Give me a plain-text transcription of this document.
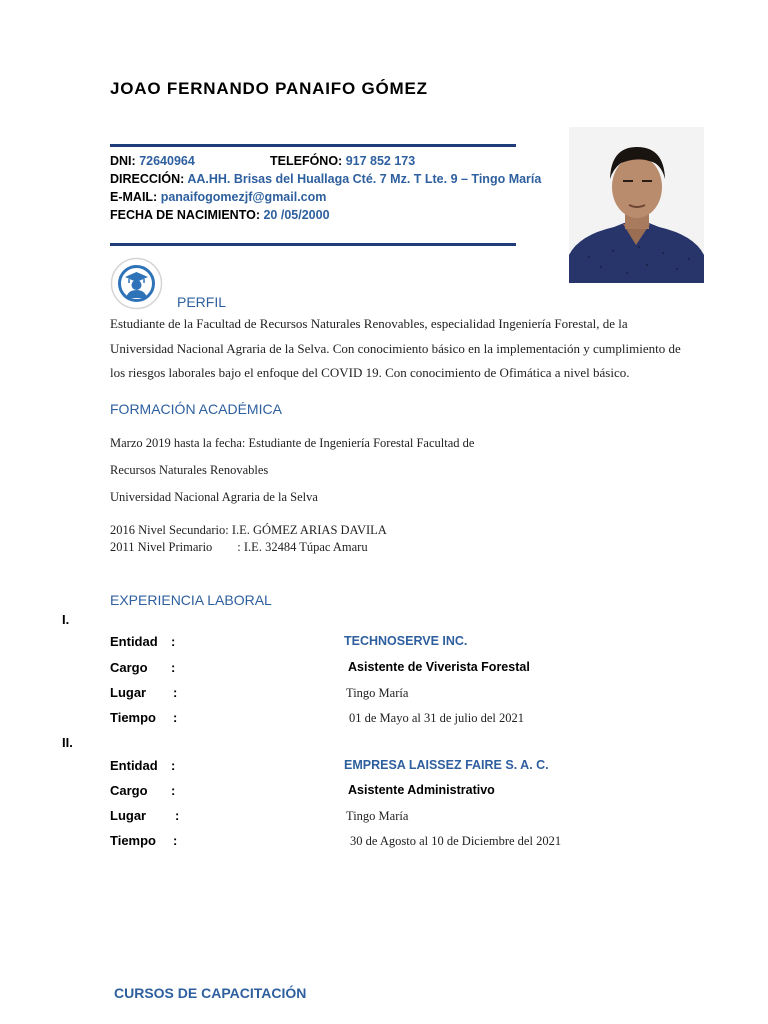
JOAO FERNANDO PANAIFO GÓMEZ
DNI: 72640964	TELEFÓNO: 917 852 173
DIRECCIÓN: AA.HH. Brisas del Huallaga Cté. 7 Mz. T Lte. 9 – Tingo María
E-MAIL: panaifogomezjf@gmail.com
FECHA DE NACIMIENTO: 20 /05/2000
PERFIL
Estudiante de la Facultad de Recursos Naturales Renovables, especialidad Ingeniería Forestal, de la Universidad Nacional Agraria de la Selva. Con conocimiento básico en la implementación y cumplimiento de los riesgos laborales bajo el enfoque del COVID 19. Con conocimiento de Ofimática a nivel básico.
FORMACIÓN ACADÉMICA
Marzo 2019 hasta la fecha: Estudiante de Ingeniería Forestal Facultad de
Recursos Naturales Renovables
Universidad Nacional Agraria de la Selva
2016 Nivel Secundario: I.E. GÓMEZ ARIAS DAVILA
2011 Nivel Primario        : I.E. 32484 Túpac Amaru
EXPERIENCIA LABORAL
I.
Entidad :	TECHNOSERVE INC.
Cargo :	Asistente de Viverista Forestal
Lugar :	Tingo María
Tiempo :	01 de Mayo al 31 de julio del 2021
II.
Entidad :	EMPRESA LAISSEZ FAIRE S. A. C.
Cargo :	Asistente Administrativo
Lugar :	Tingo María
Tiempo :	30 de Agosto al 10 de Diciembre del 2021
CURSOS DE CAPACITACIÓN
